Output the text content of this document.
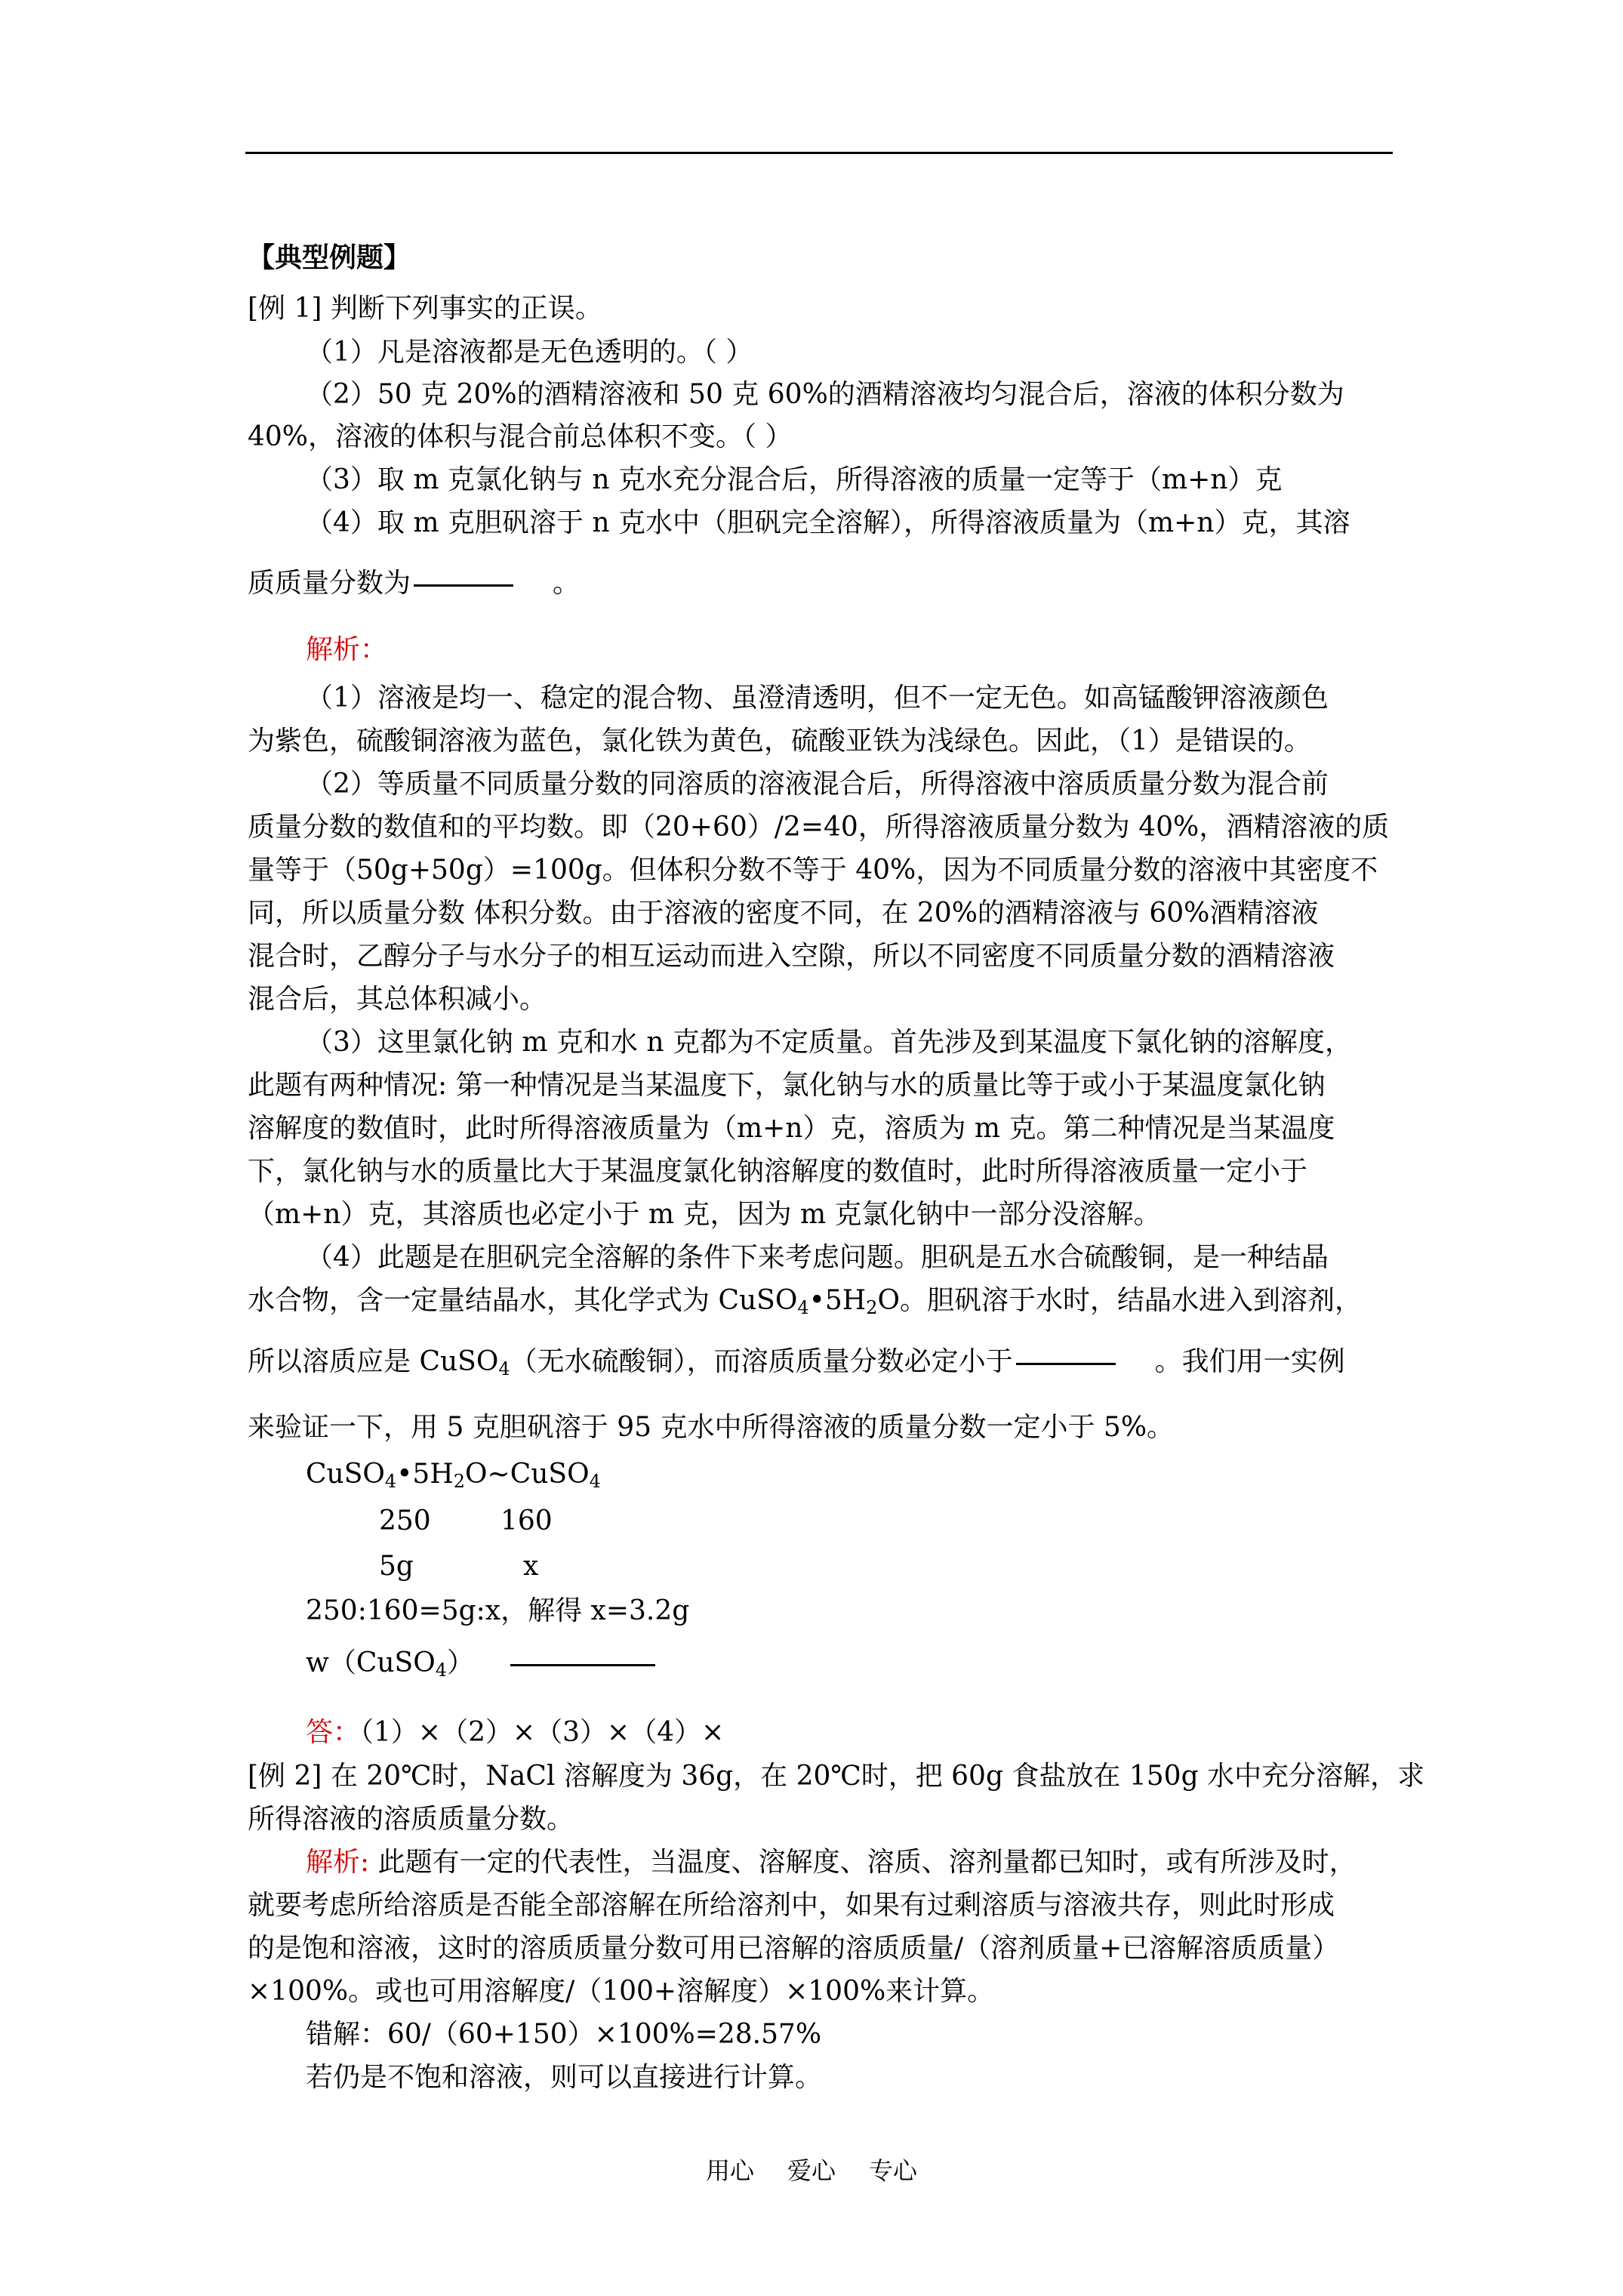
【典型例题】
[例 1] 判断下列事实的正误。
（1）凡是溶液都是无色透明的。（ ）
（2）50 克 20%的酒精溶液和 50 克 60%的酒精溶液均匀混合后，溶液的体积分数为
40%，溶液的体积与混合前总体积不变。（ ）
（3）取 m 克氯化钠与 n 克水充分混合后，所得溶液的质量一定等于（m+n）克
（4）取 m 克胆矾溶于 n 克水中（胆矾完全溶解），所得溶液质量为（m+n）克，其溶
质质量分数为	。
解析：
（1）溶液是均一、稳定的混合物、虽澄清透明，但不一定无色。如高锰酸钾溶液颜色
为紫色，硫酸铜溶液为蓝色，氯化铁为黄色，硫酸亚铁为浅绿色。因此，（1）是错误的。
（2）等质量不同质量分数的同溶质的溶液混合后，所得溶液中溶质质量分数为混合前
质量分数的数值和的平均数。即（20+60）/2=40，所得溶液质量分数为 40%，酒精溶液的质
量等于（50g+50g）=100g。但体积分数不等于 40%，因为不同质量分数的溶液中其密度不
同，所以质量分数 体积分数。由于溶液的密度不同，在 20%的酒精溶液与 60%酒精溶液
混合时，乙醇分子与水分子的相互运动而进入空隙，所以不同密度不同质量分数的酒精溶液
混合后，其总体积减小。
（3）这里氯化钠 m 克和水 n 克都为不定质量。首先涉及到某温度下氯化钠的溶解度，
此题有两种情况: 第一种情况是当某温度下，氯化钠与水的质量比等于或小于某温度氯化钠
溶解度的数值时，此时所得溶液质量为（m+n）克，溶质为 m 克。第二种情况是当某温度
下，氯化钠与水的质量比大于某温度氯化钠溶解度的数值时，此时所得溶液质量一定小于
（m+n）克，其溶质也必定小于 m 克，因为 m 克氯化钠中一部分没溶解。
（4）此题是在胆矾完全溶解的条件下来考虑问题。胆矾是五水合硫酸铜，是一种结晶
水合物，含一定量结晶水，其化学式为 $CuSO_4•5H_2O$。胆矾溶于水时，结晶水进入到溶剂，
所以溶质应是 CuSO$_4$（无水硫酸铜），而溶质质量分数必定小于	。我们用一实例
来验证一下，用 5 克胆矾溶于 95 克水中所得溶液的质量分数一定小于 5%。
$CuSO_4•5H_2O\sim CuSO_4$
250	160
5g	x
250:160=5g:x，解得 x=3.2g
w（CuSO$_4$）
答：（1）×（2）×（3）×（4）×
[例 2] 在 20℃时，NaCl 溶解度为 36g，在 20℃时，把 60g 食盐放在 150g 水中充分溶解，求
所得溶液的溶质质量分数。
解析: 此题有一定的代表性，当温度、溶解度、溶质、溶剂量都已知时，或有所涉及时，
就要考虑所给溶质是否能全部溶解在所给溶剂中，如果有过剩溶质与溶液共存，则此时形成
的是饱和溶液，这时的溶质质量分数可用已溶解的溶质质量/（溶剂质量+已溶解溶质质量）
×100%。或也可用溶解度/（100+溶解度）×100%来计算。
错解：60/（60+150）×100%=28.57%
若仍是不饱和溶液，则可以直接进行计算。
用心 爱心 专心
